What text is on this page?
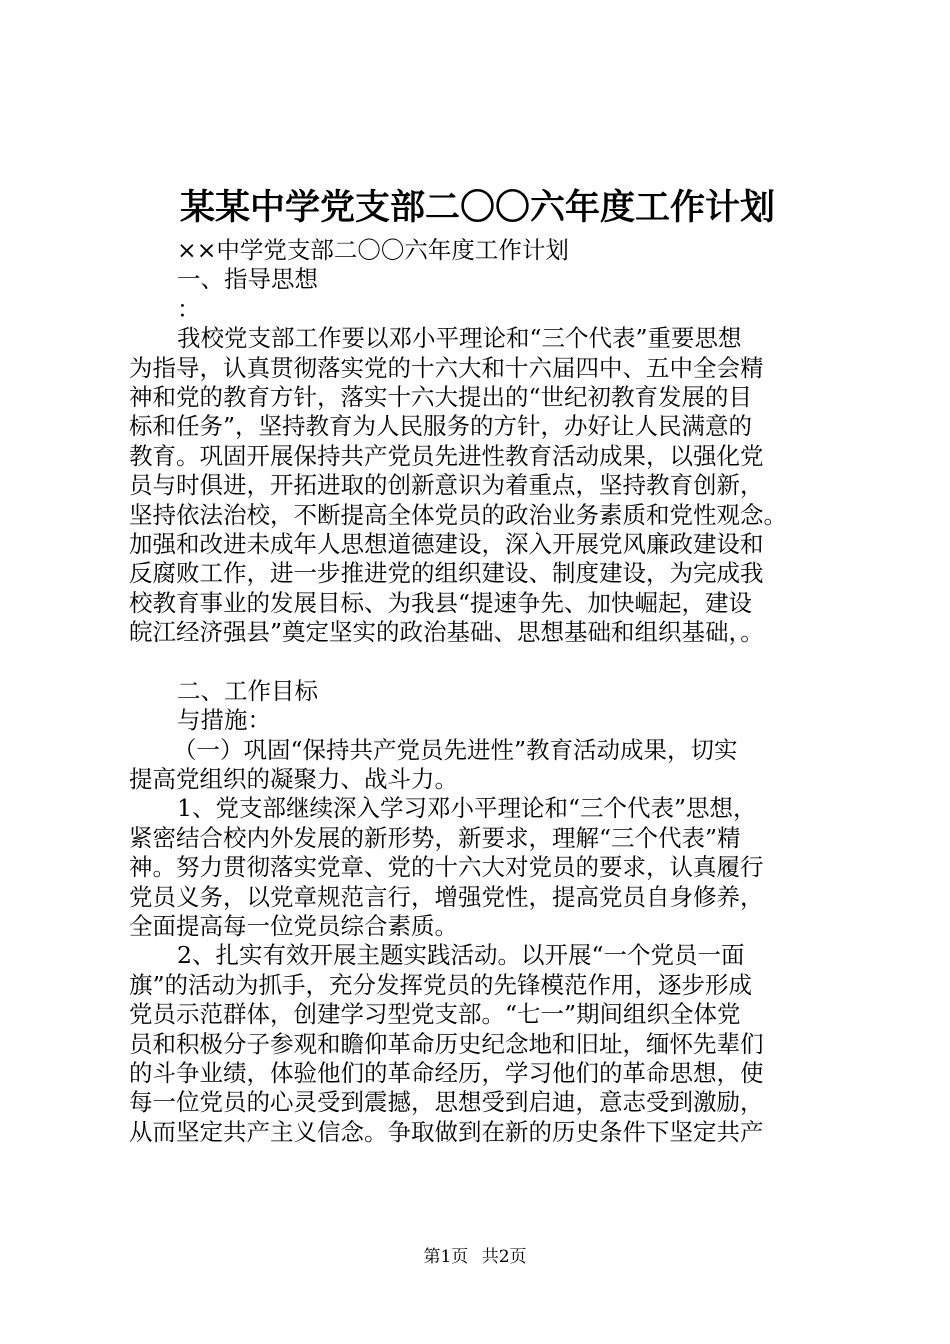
某某中学党支部二〇〇六年度工作计划
××中学党支部二〇〇六年度工作计划
一、指导思想
：
我校党支部工作要以邓小平理论和“三个代表”重要思想
为指导，认真贯彻落实党的十六大和十六届四中、五中全会精
神和党的教育方针，落实十六大提出的“世纪初教育发展的目
标和任务”，坚持教育为人民服务的方针，办好让人民满意的
教育。巩固开展保持共产党员先进性教育活动成果，以强化党
员与时俱进，开拓进取的创新意识为着重点，坚持教育创新，
坚持依法治校，不断提高全体党员的政治业务素质和党性观念。
加强和改进未成年人思想道德建设，深入开展党风廉政建设和
反腐败工作，进一步推进党的组织建设、制度建设，为完成我
校教育事业的发展目标、为我县“提速争先、加快崛起，建设
皖江经济强县”奠定坚实的政治基础、思想基础和组织基础，。
二、工作目标
与措施：
（一）巩固“保持共产党员先进性”教育活动成果，切实
提高党组织的凝聚力、战斗力。
1、党支部继续深入学习邓小平理论和“三个代表”思想，
紧密结合校内外发展的新形势，新要求，理解“三个代表”精
神。努力贯彻落实党章、党的十六大对党员的要求，认真履行
党员义务，以党章规范言行，增强党性，提高党员自身修养，
全面提高每一位党员综合素质。
2、扎实有效开展主题实践活动。以开展“一个党员一面
旗”的活动为抓手，充分发挥党员的先锋模范作用，逐步形成
党员示范群体，创建学习型党支部。“七一”期间组织全体党
员和积极分子参观和瞻仰革命历史纪念地和旧址，缅怀先辈们
的斗争业绩，体验他们的革命经历，学习他们的革命思想，使
每一位党员的心灵受到震撼，思想受到启迪，意志受到激励，
从而坚定共产主义信念。争取做到在新的历史条件下坚定共产
第1页 共2页
